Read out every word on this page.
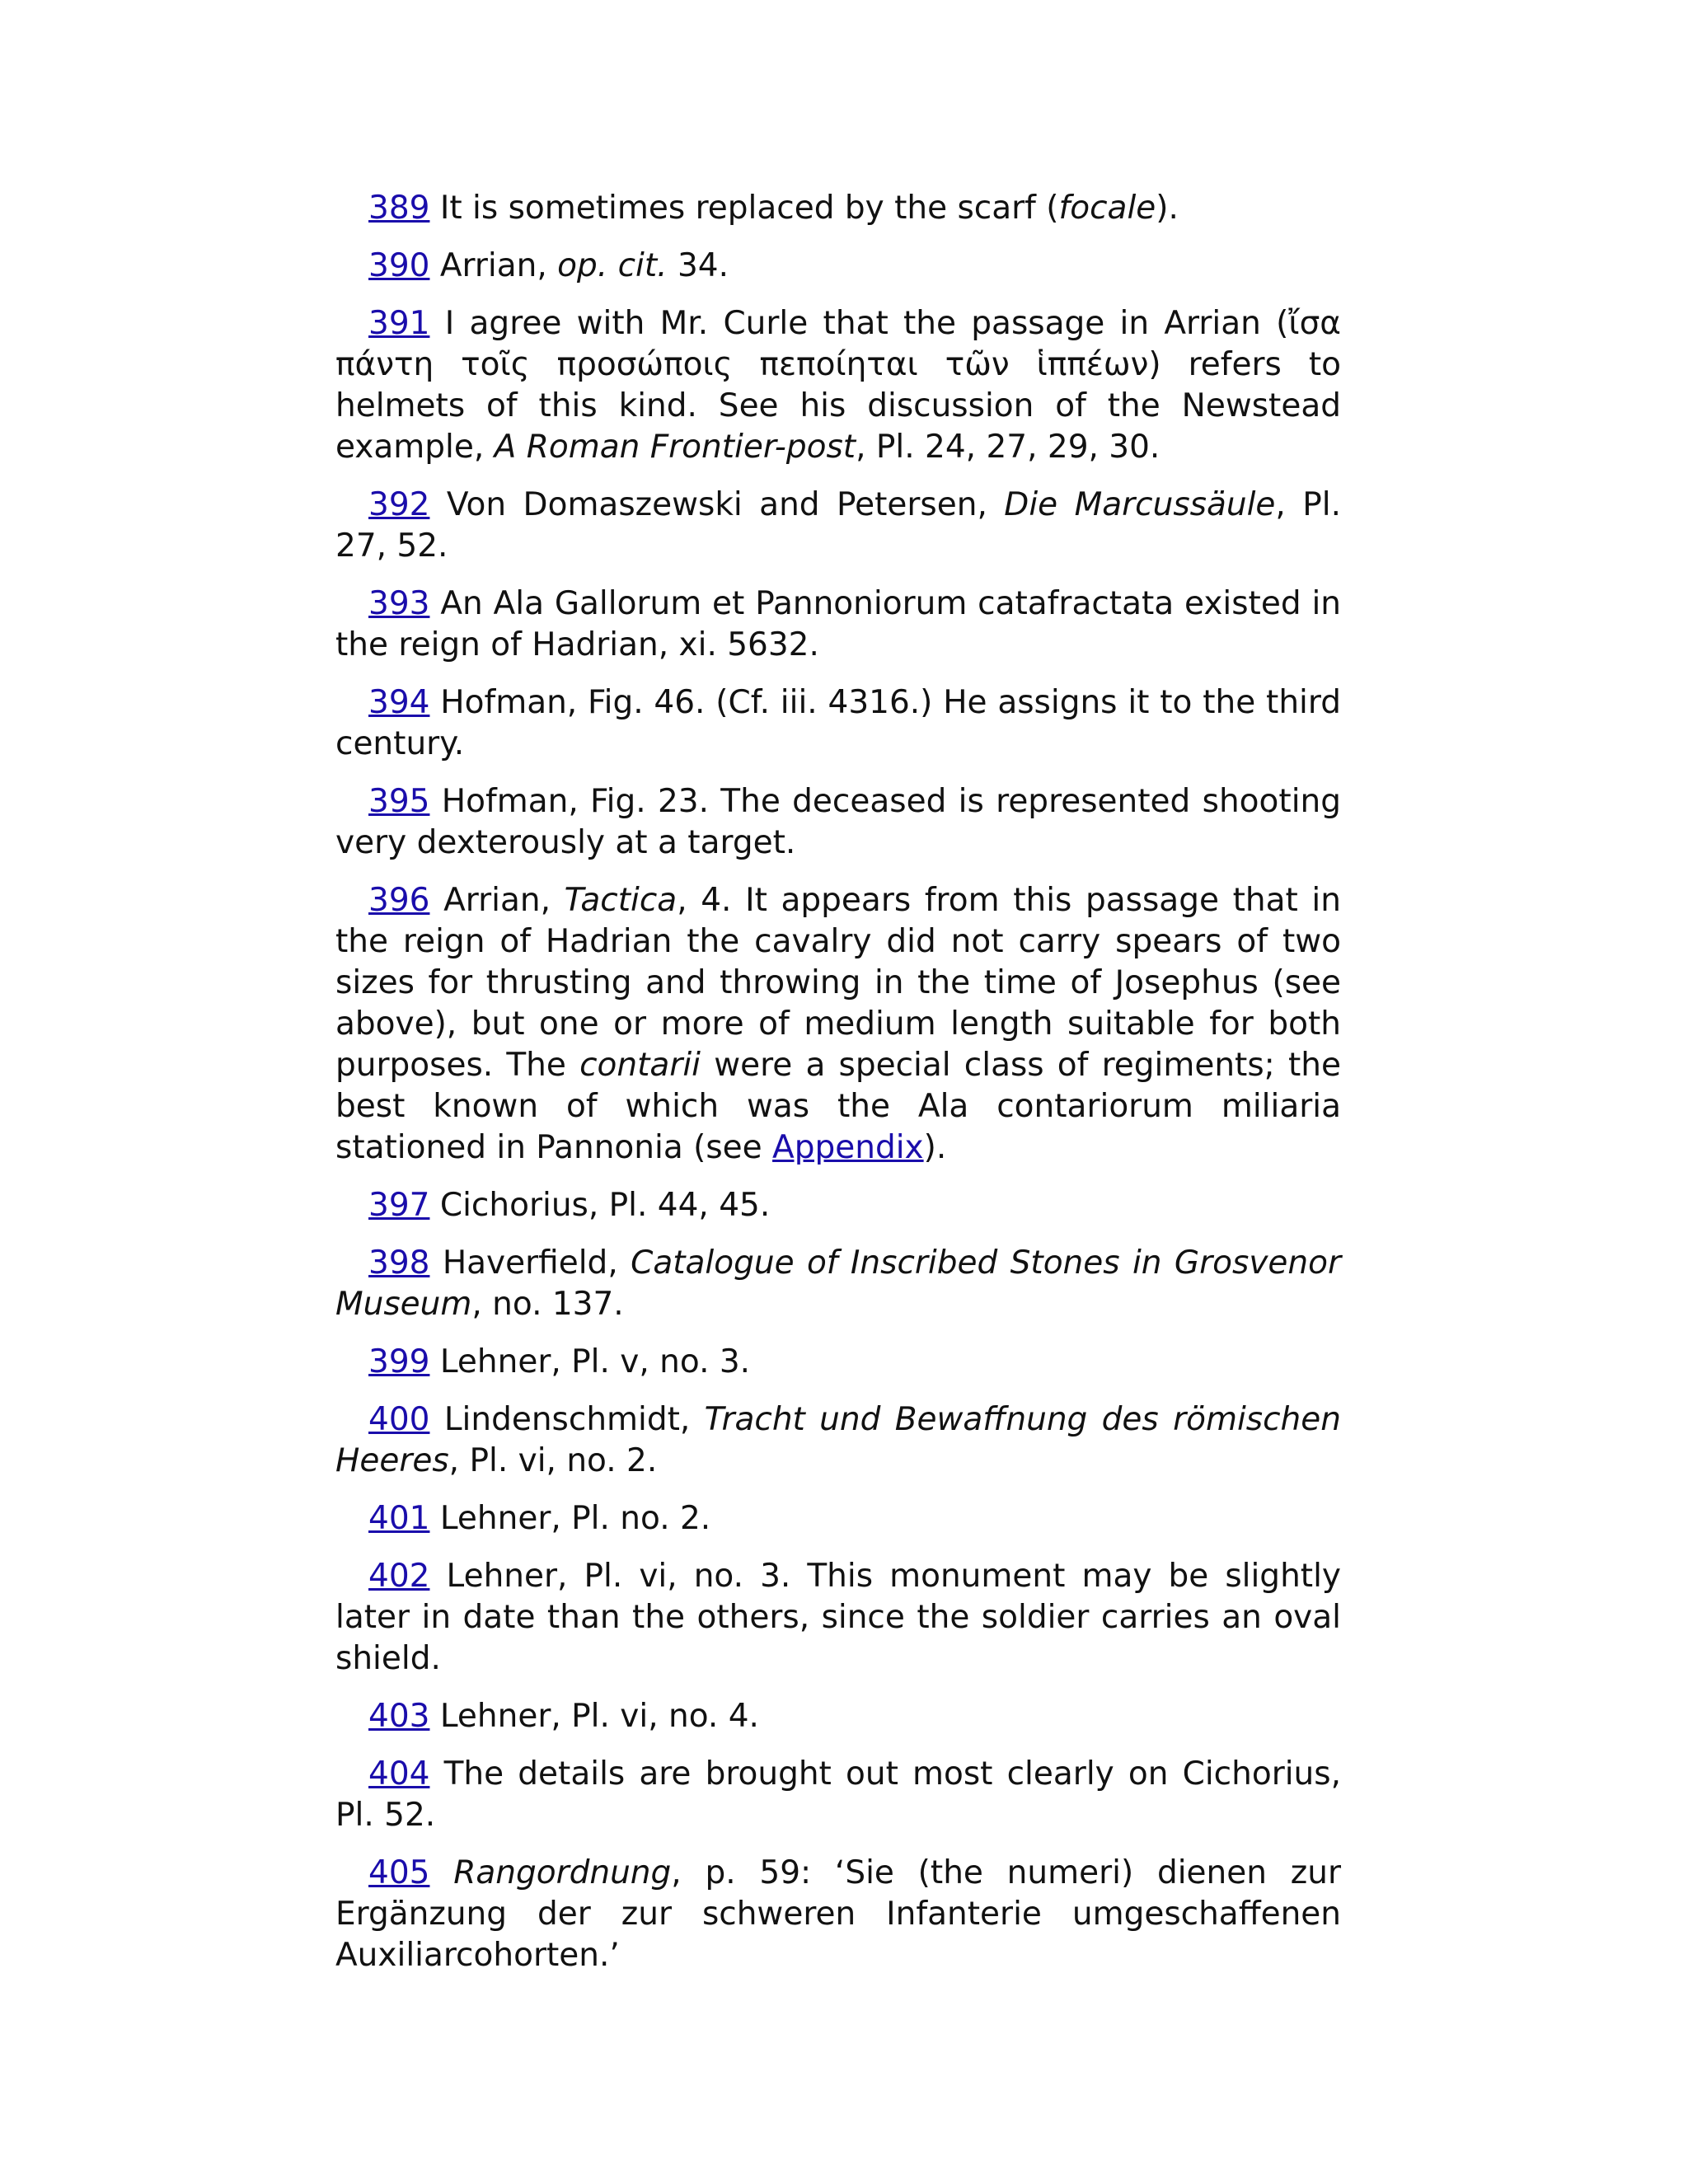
389 It is sometimes replaced by the scarf (focale).

390 Arrian, op. cit. 34.

391 I agree with Mr. Curle that the passage in Arrian (ἴσα πάντη τοῖς προσώποις πεποίηται τῶν ἱππέων) refers to helmets of this kind. See his discussion of the Newstead example, A Roman Frontier-post, Pl. 24, 27, 29, 30.

392 Von Domaszewski and Petersen, Die Marcussäule, Pl. 27, 52.

393 An Ala Gallorum et Pannoniorum catafractata existed in the reign of Hadrian, xi. 5632.

394 Hofman, Fig. 46. (Cf. iii. 4316.) He assigns it to the third century.

395 Hofman, Fig. 23. The deceased is represented shooting very dexterously at a target.

396 Arrian, Tactica, 4. It appears from this passage that in the reign of Hadrian the cavalry did not carry spears of two sizes for thrusting and throwing in the time of Josephus (see above), but one or more of medium length suitable for both purposes. The contarii were a special class of regiments; the best known of which was the Ala contariorum miliaria stationed in Pannonia (see Appendix).

397 Cichorius, Pl. 44, 45.

398 Haverfield, Catalogue of Inscribed Stones in Grosvenor Museum, no. 137.

399 Lehner, Pl. v, no. 3.

400 Lindenschmidt, Tracht und Bewaffnung des römischen Heeres, Pl. vi, no. 2.

401 Lehner, Pl. no. 2.

402 Lehner, Pl. vi, no. 3. This monument may be slightly later in date than the others, since the soldier carries an oval shield.

403 Lehner, Pl. vi, no. 4.

404 The details are brought out most clearly on Cichorius, Pl. 52.

405 Rangordnung, p. 59: ‘Sie (the numeri) dienen zur Ergänzung der zur schweren Infanterie umgeschaffenen Auxiliarcohorten.’
